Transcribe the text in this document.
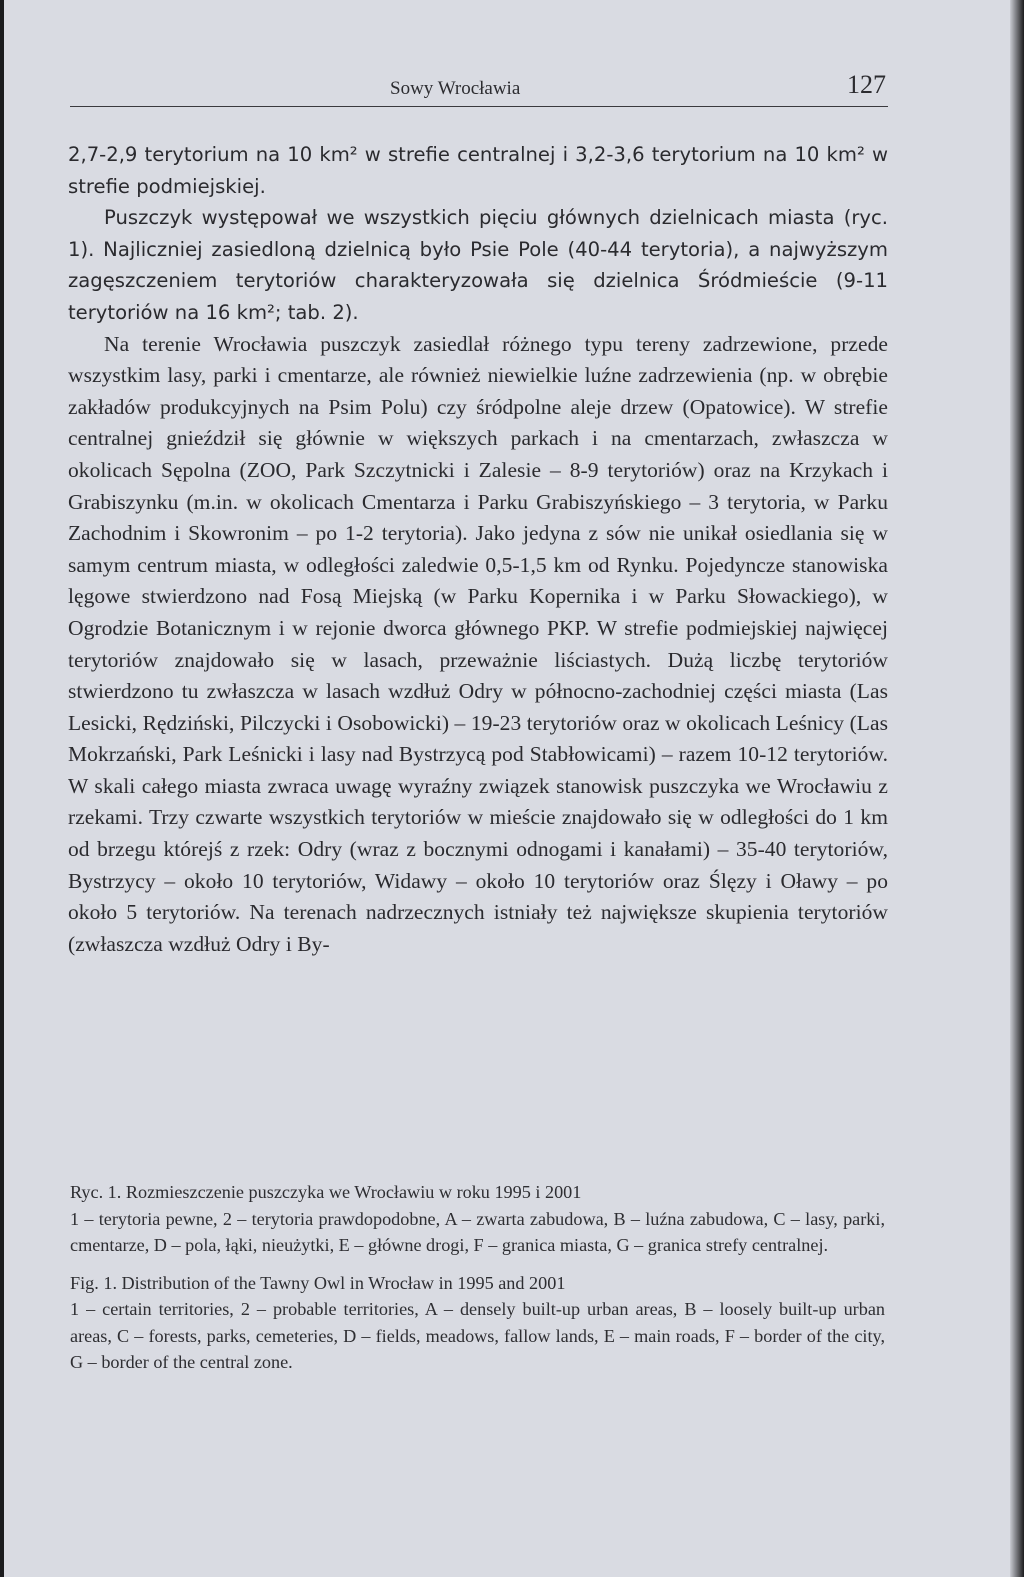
Sowy Wrocławia	127

2,7-2,9 terytorium na 10 km² w strefie centralnej i 3,2-3,6 terytorium na 10 km² w strefie podmiejskiej.

Puszczyk występował we wszystkich pięciu głównych dzielnicach miasta (ryc. 1). Najliczniej zasiedloną dzielnicą było Psie Pole (40-44 terytoria), a najwyższym zagęszczeniem terytoriów charakteryzowała się dzielnica Śródmieście (9-11 terytoriów na 16 km²; tab. 2).

Na terenie Wrocławia puszczyk zasiedlał różnego typu tereny zadrzewione, przede wszystkim lasy, parki i cmentarze, ale również niewielkie luźne zadrzewienia (np. w obrębie zakładów produkcyjnych na Psim Polu) czy śródpolne aleje drzew (Opatowice). W strefie centralnej gnieździł się głównie w większych parkach i na cmentarzach, zwłaszcza w okolicach Sępolna (ZOO, Park Szczytnicki i Zalesie – 8-9 terytoriów) oraz na Krzykach i Grabiszynku (m.in. w okolicach Cmentarza i Parku Grabiszyńskiego – 3 terytoria, w Parku Zachodnim i Skowronim – po 1-2 terytoria). Jako jedyna z sów nie unikał osiedlania się w samym centrum miasta, w odległości zaledwie 0,5-1,5 km od Rynku. Pojedyncze stanowiska lęgowe stwierdzono nad Fosą Miejską (w Parku Kopernika i w Parku Słowackiego), w Ogrodzie Botanicznym i w rejonie dworca głównego PKP. W strefie podmiejskiej najwięcej terytoriów znajdowało się w lasach, przeważnie liściastych. Dużą liczbę terytoriów stwierdzono tu zwłaszcza w lasach wzdłuż Odry w północno-zachodniej części miasta (Las Lesicki, Rędziński, Pilczycki i Osobowicki) – 19-23 terytoriów oraz w okolicach Leśnicy (Las Mokrzański, Park Leśnicki i lasy nad Bystrzycą pod Stabłowicami) – razem 10-12 terytoriów. W skali całego miasta zwraca uwagę wyraźny związek stanowisk puszczyka we Wrocławiu z rzekami. Trzy czwarte wszystkich terytoriów w mieście znajdowało się w odległości do 1 km od brzegu którejś z rzek: Odry (wraz z bocznymi odnogami i kanałami) – 35-40 terytoriów, Bystrzycy – około 10 terytoriów, Widawy – około 10 terytoriów oraz Ślęzy i Oławy – po około 5 terytoriów. Na terenach nadrzecznych istniały też największe skupienia terytoriów (zwłaszcza wzdłuż Odry i By-

Ryc. 1. Rozmieszczenie puszczyka we Wrocławiu w roku 1995 i 2001

1 – terytoria pewne, 2 – terytoria prawdopodobne, A – zwarta zabudowa, B – luźna zabudowa, C – lasy, parki, cmentarze, D – pola, łąki, nieużytki, E – główne drogi, F – granica miasta, G – granica strefy centralnej.

Fig. 1. Distribution of the Tawny Owl in Wrocław in 1995 and 2001

1 – certain territories, 2 – probable territories, A – densely built-up urban areas, B – loosely built-up urban areas, C – forests, parks, cemeteries, D – fields, meadows, fallow lands, E – main roads, F – border of the city, G – border of the central zone.
